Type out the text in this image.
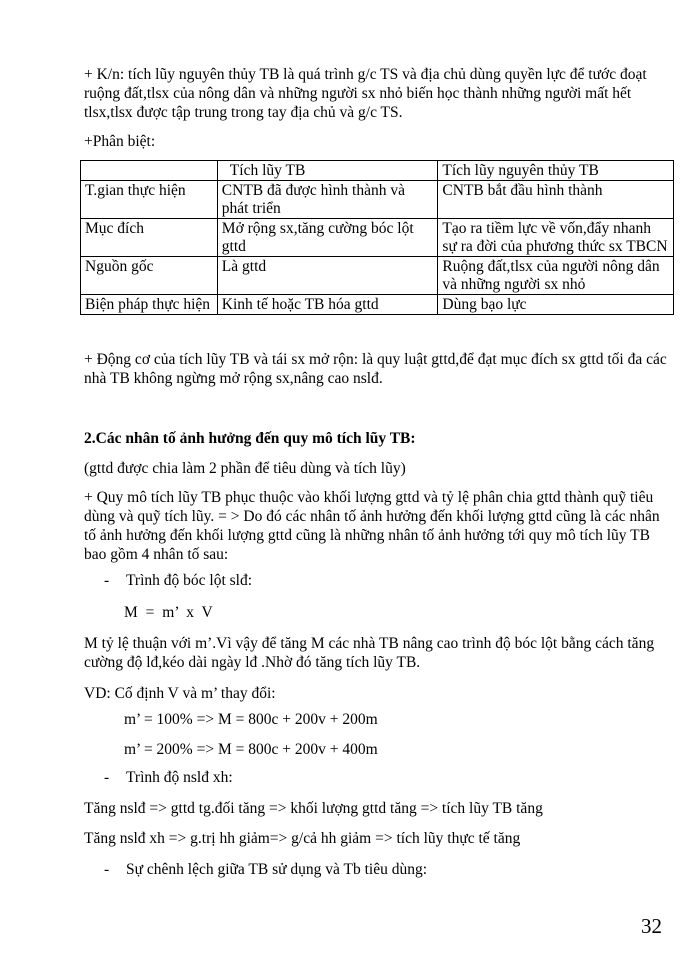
+ K/n: tích lũy nguyên thủy TB là quá trình g/c TS và địa chủ dùng quyền lực để tước đoạt ruộng đất,tlsx của nông dân và những người sx nhỏ biến học thành những người mất hết tlsx,tlsx được tập trung trong tay địa chủ và g/c TS.

+Phân biệt:

	Tích lũy TB	Tích lũy nguyên thủy TB
T.gian thực hiện	CNTB đã được hình thành và phát triển	CNTB bắt đầu hình thành
Mục đích	Mở rộng sx,tăng cường bóc lột gttd	Tạo ra tiềm lực về vốn,đẩy nhanh sự ra đời của phương thức sx TBCN
Nguồn gốc	Là gttd	Ruộng đất,tlsx của người nông dân và những người sx nhỏ
Biện pháp thực hiện	Kinh tế hoặc TB hóa gttd	Dùng bạo lực

+ Động cơ của tích lũy TB và tái sx mở rộn: là quy luật gttd,để đạt mục đích sx gttd tối đa các nhà TB không ngừng mở rộng sx,nâng cao nslđ.

2.Các nhân tố ảnh hưởng đến quy mô tích lũy TB:

(gttd được chia làm 2 phần để tiêu dùng và tích lũy)

+ Quy mô tích lũy TB phục thuộc vào khối lượng gttd và tỷ lệ phân chia gttd thành quỹ tiêu dùng và quỹ tích lũy. = > Do đó các nhân tố ảnh hưởng đến khối lượng gttd cũng là các nhân tố ảnh hưởng đến khối lượng gttd cũng là những nhân tố ảnh hưởng tới quy mô tích lũy TB bao gồm 4 nhân tố sau:

-	Trình độ bóc lột slđ:
M = m’ x V

M tỷ lệ thuận với m’.Vì vậy để tăng M các nhà TB nâng cao trình độ bóc lột bằng cách tăng cường độ lđ,kéo dài ngày lđ .Nhờ đó tăng tích lũy TB.

VD: Cố định V và m’ thay đổi:

m’ = 100% => M = 800c + 200v + 200m
m’ = 200% => M = 800c + 200v + 400m
-	Trình độ nslđ xh:

Tăng nslđ => gttd tg.đối tăng => khối lượng gttd tăng => tích lũy TB tăng

Tăng nslđ xh => g.trị hh giảm=> g/cả hh giảm => tích lũy thực tế tăng

-	Sự chênh lệch giữa TB sử dụng và Tb tiêu dùng:
32
